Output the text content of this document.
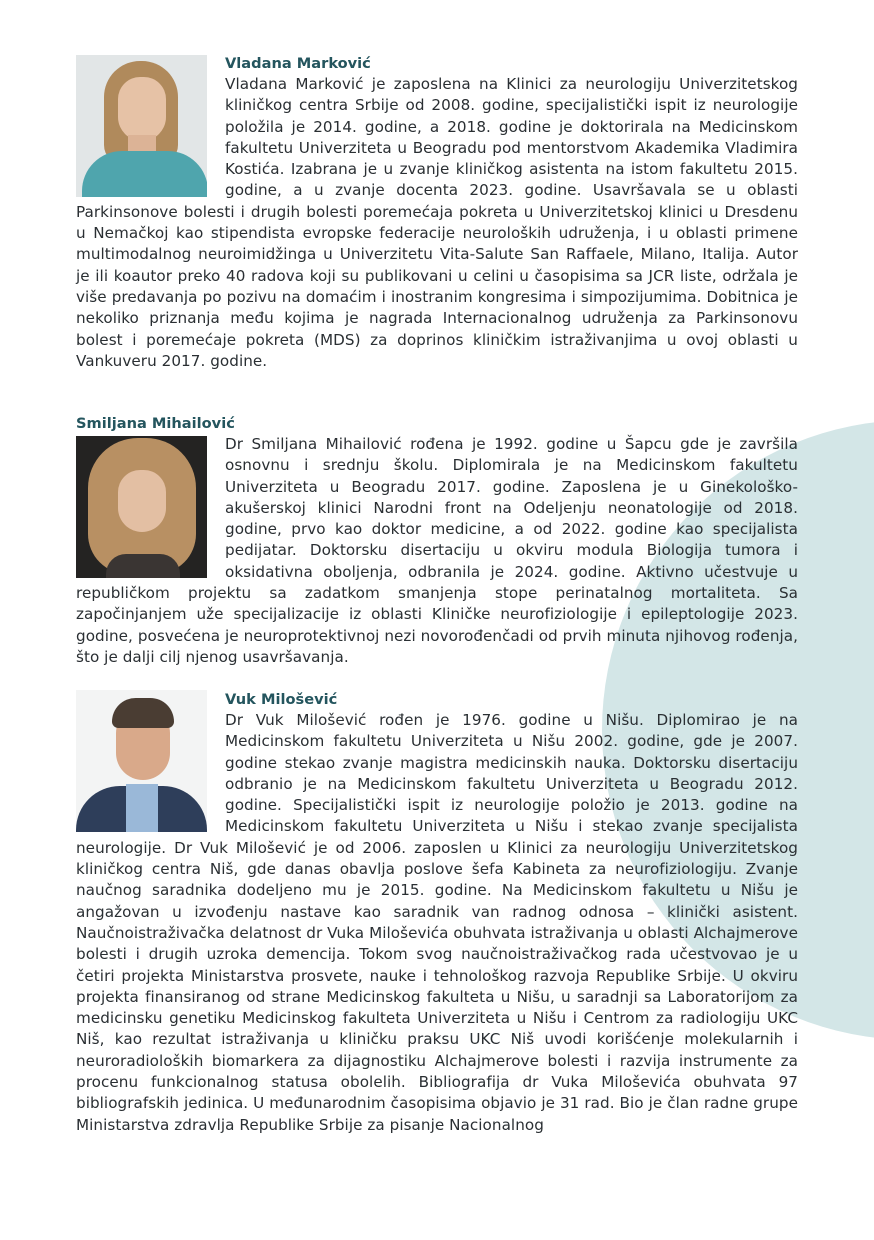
Vladana Marković

Vladana Marković je zaposlena na Klinici za neurologiju Univerzitetskog kliničkog centra Srbije od 2008. godine, specijalistički ispit iz neurologije položila je 2014. godine, a 2018. godine je doktorirala na Medicinskom fakultetu Univerziteta u Beogradu pod mentorstvom Akademika Vladimira Kostića. Izabrana je u zvanje kliničkog asistenta na istom fakultetu 2015. godine, a u zvanje docenta 2023. godine. Usavršavala se u oblasti Parkinsonove bolesti i drugih bolesti poremećaja pokreta u Univerzitetskoj klinici u Dresdenu u Nemačkoj kao stipendista evropske federacije neuroloških udruženja, i u oblasti primene multimodalnog neuroimidžinga u Univerzitetu Vita-Salute San Raffaele, Milano, Italija. Autor je ili koautor preko 40 radova koji su publikovani u celini u časopisima sa JCR liste, održala je više predavanja po pozivu na domaćim i inostranim kongresima i simpozijumima. Dobitnica je nekoliko priznanja među kojima je nagrada Internacionalnog udruženja za Parkinsonovu bolest i poremećaje pokreta (MDS) za doprinos kliničkim istraživanjima u ovoj oblasti u Vankuveru 2017. godine.

Smiljana Mihailović

Dr Smiljana Mihailović rođena je 1992. godine u Šapcu gde je završila osnovnu i srednju školu. Diplomirala je na Medicinskom fakultetu Univerziteta u Beogradu 2017. godine. Zaposlena je u Ginekološko-akušerskoj klinici Narodni front na Odeljenju neonatologije od 2018. godine, prvo kao doktor medicine, a od 2022. godine kao specijalista pedijatar. Doktorsku disertaciju u okviru modula Biologija tumora i oksidativna oboljenja, odbranila je 2024. godine. Aktivno učestvuje u republičkom projektu sa zadatkom smanjenja stope perinatalnog mortaliteta. Sa započinjanjem uže specijalizacije iz oblasti Kliničke neurofiziologije i epileptologije 2023. godine, posvećena je neuroprotektivnoj nezi novorođenčadi od prvih minuta njihovog rođenja, što je dalji cilj njenog usavršavanja.

Vuk Milošević

Dr Vuk Milošević rođen je 1976. godine u Nišu. Diplomirao je na Medicinskom fakultetu Univerziteta u Nišu 2002. godine, gde je 2007. godine stekao zvanje magistra medicinskih nauka. Doktorsku disertaciju odbranio je na Medicinskom fakultetu Univerziteta u Beogradu 2012. godine. Specijalistički ispit iz neurologije položio je 2013. godine na Medicinskom fakultetu Univerziteta u Nišu i stekao zvanje specijalista neurologije. Dr Vuk Milošević je od 2006. zaposlen u Klinici za neurologiju Univerzitetskog kliničkog centra Niš, gde danas obavlja poslove šefa Kabineta za neurofiziologiju. Zvanje naučnog saradnika dodeljeno mu je 2015. godine. Na Medicinskom fakultetu u Nišu je angažovan u izvođenju nastave kao saradnik van radnog odnosa – klinički asistent. Naučnoistraživačka delatnost dr Vuka Miloševića obuhvata istraživanja u oblasti Alchajmerove bolesti i drugih uzroka demencija. Tokom svog naučnoistraživačkog rada učestvovao je u četiri projekta Ministarstva prosvete, nauke i tehnološkog razvoja Republike Srbije. U okviru projekta finansiranog od strane Medicinskog fakulteta u Nišu, u saradnji sa Laboratorijom za medicinsku genetiku Medicinskog fakulteta Univerziteta u Nišu i Centrom za radiologiju UKC Niš, kao rezultat istraživanja u kliničku praksu UKC Niš uvodi korišćenje molekularnih i neuroradioloških biomarkera za dijagnostiku Alchajmerove bolesti i razvija instrumente za procenu funkcionalnog statusa obolelih. Bibliografija dr Vuka Miloševića obuhvata 97 bibliografskih jedinica. U međunarodnim časopisima objavio je 31 rad. Bio je član radne grupe Ministarstva zdravlja Republike Srbije za pisanje Nacionalnog
